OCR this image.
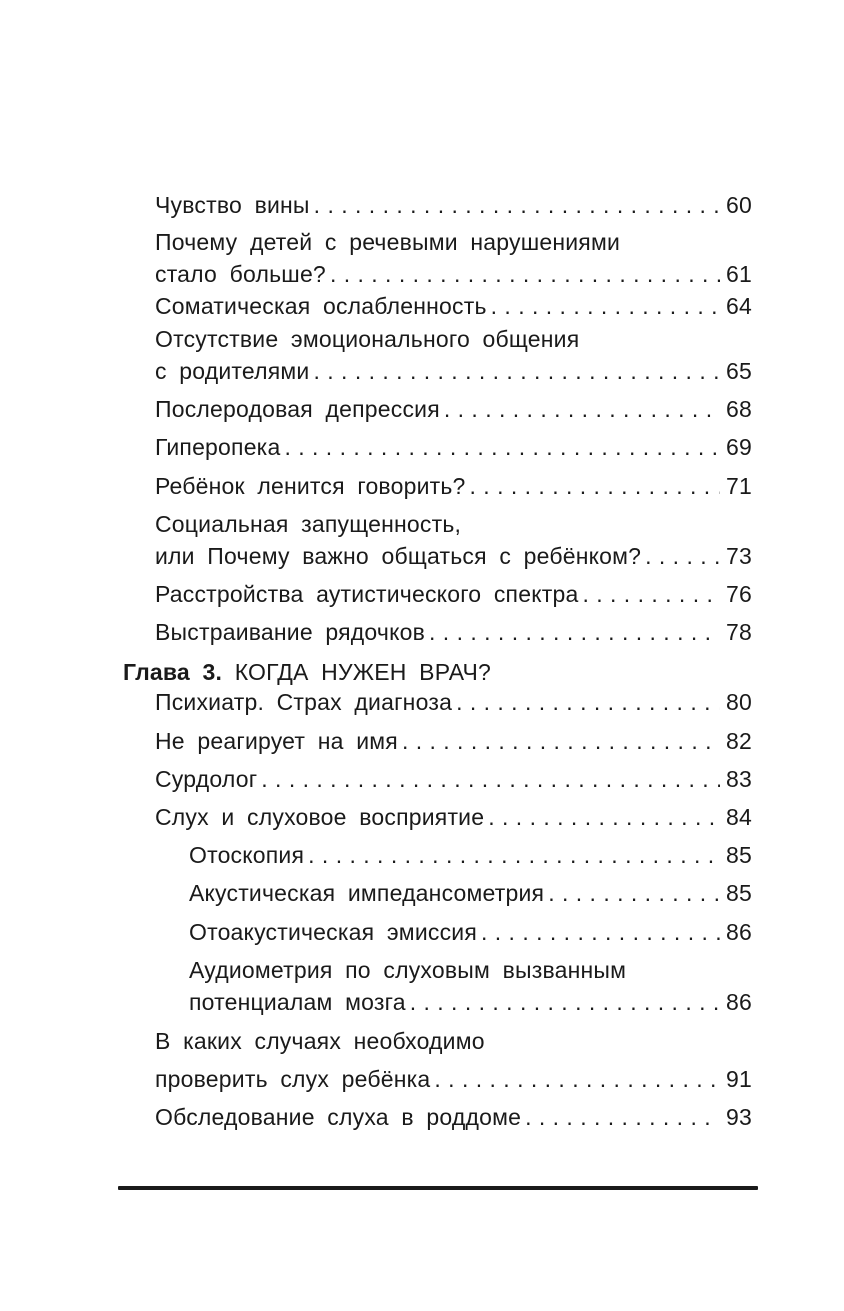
Чувство вины . . .	60
Почему детей с речевыми нарушениями
стало больше? . . .	61
Соматическая ослабленность . . .	64
Отсутствие эмоционального общения
с родителями . . .	65
Послеродовая депрессия . . .	68
Гиперопека . . .	69
Ребёнок ленится говорить? . . .	71
Социальная запущенность,
или Почему важно общаться с ребёнком? . . .	73
Расстройства аутистического спектра . . .	76
Выстраивание рядочков . . .	78
Глава 3. КОГДА НУЖЕН ВРАЧ?
Психиатр. Страх диагноза . . .	80
Не реагирует на имя . . .	82
Сурдолог . . .	83
Слух и слуховое восприятие . . .	84
Отоскопия . . .	85
Акустическая импедансометрия . . .	85
Отоакустическая эмиссия . . .	86
Аудиометрия по слуховым вызванным
потенциалам мозга . . .	86
В каких случаях необходимо
проверить слух ребёнка . . .	91
Обследование слуха в роддоме . . .	93
